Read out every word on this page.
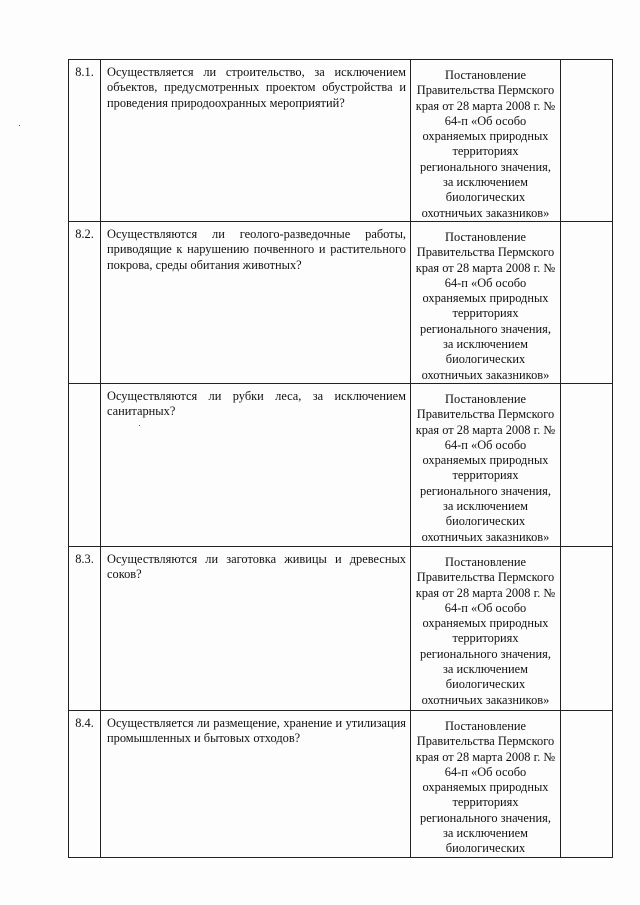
8.1.	Осуществляется ли строительство, за исключением объектов, предусмотренных проектом обустройства и проведения природоохранных мероприятий?	Постановление Правительства Пермского края от 28 марта 2008 г. № 64-п «Об особо охраняемых природных территориях регионального значения, за исключением биологических охотничьих заказников»	
8.2.	Осуществляются ли геолого-разведочные работы, приводящие к нарушению почвенного и растительного покрова, среды обитания животных?	Постановление Правительства Пермского края от 28 марта 2008 г. № 64-п «Об особо охраняемых природных территориях регионального значения, за исключением биологических охотничьих заказников»	
	Осуществляются ли рубки леса, за исключением санитарных?	Постановление Правительства Пермского края от 28 марта 2008 г. № 64-п «Об особо охраняемых природных территориях регионального значения, за исключением биологических охотничьих заказников»	
8.3.	Осуществляются ли заготовка живицы и древесных соков?	Постановление Правительства Пермского края от 28 марта 2008 г. № 64-п «Об особо охраняемых природных территориях регионального значения, за исключением биологических охотничьих заказников»	
8.4.	Осуществляется ли размещение, хранение и утилизация промышленных и бытовых отходов?	Постановление Правительства Пермского края от 28 марта 2008 г. № 64-п «Об особо охраняемых природных территориях регионального значения, за исключением биологических	
